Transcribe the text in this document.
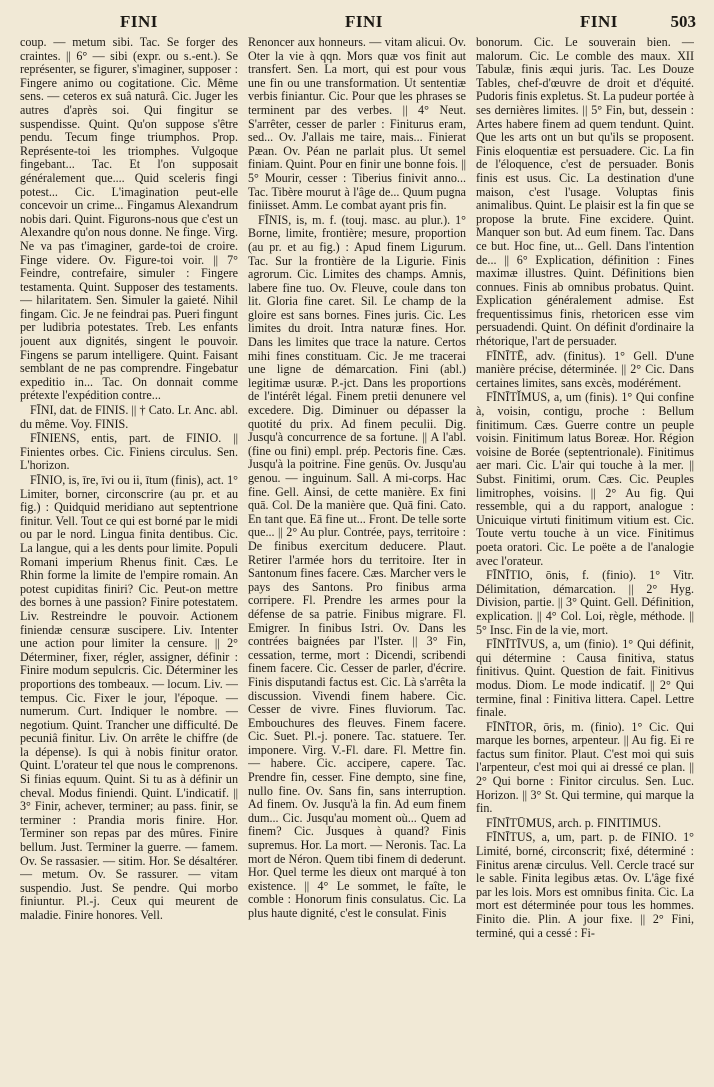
FINI	FINI	FINI	503

coup. — metum sibi. Tac. Se forger des craintes. || 6° — sibi (expr. ou s.-ent.). Se représenter, se figurer, s'imaginer, supposer : Fingere animo ou cogitatione. Cic. Même sens. — ceteros ex suâ naturâ. Cic. Juger les autres d'après soi. Qui fingitur se suspendisse. Quint. Qu'on suppose s'être pendu. Tecum finge triumphos. Prop. Représente-toi les triomphes. Vulgoque fingebant... Tac. Et l'on supposait généralement que.... Quid sceleris fingi potest... Cic. L'imagination peut-elle concevoir un crime... Fingamus Alexandrum nobis dari. Quint. Figurons-nous que c'est un Alexandre qu'on nous donne. Ne finge. Virg. Ne va pas t'imaginer, garde-toi de croire. Finge videre. Ov. Figure-toi voir. || 7° Feindre, contrefaire, simuler : Fingere testamenta. Quint. Supposer des testaments. — hilaritatem. Sen. Simuler la gaieté. Nihil fingam. Cic. Je ne feindrai pas. Pueri fingunt per ludibria potestates. Treb. Les enfants jouent aux dignités, singent le pouvoir. Fingens se parum intelligere. Quint. Faisant semblant de ne pas comprendre. Fingebatur expeditio in... Tac. On donnait comme prétexte l'expédition contre...

FĪNI, dat. de FINIS. || † Cato. Lr. Anc. abl. du même. Voy. FINIS.

FĪNIENS, entis, part. de FINIO. || Finientes orbes. Cic. Finiens circulus. Sen. L'horizon.

FĪNIO, is, īre, īvi ou ii, ītum (finis), act. 1° Limiter, borner, circonscrire (au pr. et au fig.) : Quidquid meridiano aut septentrione finitur. Vell. Tout ce qui est borné par le midi ou par le nord. Lingua finita dentibus. Cic. La langue, qui a les dents pour limite. Populi Romani imperium Rhenus finit. Cæs. Le Rhin forme la limite de l'empire romain. An potest cupiditas finiri? Cic. Peut-on mettre des bornes à une passion? Finire potestatem. Liv. Restreindre le pouvoir. Actionem finiendæ censuræ suscipere. Liv. Intenter une action pour limiter la censure. || 2° Déterminer, fixer, régler, assigner, définir : Finire modum sepulcris. Cic. Déterminer les proportions des tombeaux. — locum. Liv. — tempus. Cic. Fixer le jour, l'époque. — numerum. Curt. Indiquer le nombre. — negotium. Quint. Trancher une difficulté. De pecuniâ finitur. Liv. On arrête le chiffre (de la dépense). Is qui à nobis finitur orator. Quint. L'orateur tel que nous le comprenons. Si finias equum. Quint. Si tu as à définir un cheval. Modus finiendi. Quint. L'indicatif. || 3° Finir, achever, terminer; au pass. finir, se terminer : Prandia moris finire. Hor. Terminer son repas par des mûres. Finire bellum. Just. Terminer la guerre. — famem. Ov. Se rassasier. — sitim. Hor. Se désaltérer. — metum. Ov. Se rassurer. — vitam suspendio. Just. Se pendre. Qui morbo finiuntur. Pl.-j. Ceux qui meurent de maladie. Finire honores. Vell.

Renoncer aux honneurs. — vitam alicui. Ov. Oter la vie à qqn. Mors quæ vos finit aut transfert. Sen. La mort, qui est pour vous une fin ou une transformation. Ut sententiæ verbis finiantur. Cic. Pour que les phrases se terminent par des verbes. || 4° Neut. S'arrêter, cesser de parler : Finiturus eram, sed... Ov. J'allais me taire, mais... Finierat Pæan. Ov. Péan ne parlait plus. Ut semel finiam. Quint. Pour en finir une bonne fois. || 5° Mourir, cesser : Tiberius finivit anno... Tac. Tibère mourut à l'âge de... Quum pugna finiisset. Amm. Le combat ayant pris fin.

FĪNIS, is, m. f. (touj. masc. au plur.). 1° Borne, limite, frontière; mesure, proportion (au pr. et au fig.) : Apud finem Ligurum. Tac. Sur la frontière de la Ligurie. Finis agrorum. Cic. Limites des champs. Amnis, labere fine tuo. Ov. Fleuve, coule dans ton lit. Gloria fine caret. Sil. Le champ de la gloire est sans bornes. Fines juris. Cic. Les limites du droit. Intra naturæ fines. Hor. Dans les limites que trace la nature. Certos mihi fines constituam. Cic. Je me tracerai une ligne de démarcation. Fini (abl.) legitimæ usuræ. P.-jct. Dans les proportions de l'intérêt légal. Finem pretii denunere vel excedere. Dig. Diminuer ou dépasser la quotité du prix. Ad finem peculii. Dig. Jusqu'à concurrence de sa fortune. || A l'abl. (fine ou fini) empl. prép. Pectoris fine. Cæs. Jusqu'à la poitrine. Fine genūs. Ov. Jusqu'au genou. — inguinum. Sall. A mi-corps. Hac fine. Gell. Ainsi, de cette manière. Ex fini quā. Col. De la manière que. Quā fini. Cato. En tant que. Eā fine ut... Front. De telle sorte que... || 2° Au plur. Contrée, pays, territoire : De finibus exercitum deducere. Plaut. Retirer l'armée hors du territoire. Iter in Santonum fines facere. Cæs. Marcher vers le pays des Santons. Pro finibus arma corripere. Fl. Prendre les armes pour la défense de sa patrie. Finibus migrare. Fl. Emigrer. In finibus Istri. Ov. Dans les contrées baignées par l'Ister. || 3° Fin, cessation, terme, mort : Dicendi, scribendi finem facere. Cic. Cesser de parler, d'écrire. Finis disputandi factus est. Cic. Là s'arrêta la discussion. Vivendi finem habere. Cic. Cesser de vivre. Fines fluviorum. Tac. Embouchures des fleuves. Finem facere. Cic. Suet. Pl.-j. ponere. Tac. statuere. Ter. imponere. Virg. V.-Fl. dare. Fl. Mettre fin. — habere. Cic. accipere, capere. Tac. Prendre fin, cesser. Fine dempto, sine fine, nullo fine. Ov. Sans fin, sans interruption. Ad finem. Ov. Jusqu'à la fin. Ad eum finem dum... Cic. Jusqu'au moment où... Quem ad finem? Cic. Jusques à quand? Finis supremus. Hor. La mort. — Neronis. Tac. La mort de Néron. Quem tibi finem di dederunt. Hor. Quel terme les dieux ont marqué à ton existence. || 4° Le sommet, le faîte, le comble : Honorum finis consulatus. Cic. La plus haute dignité, c'est le consulat. Finis

bonorum. Cic. Le souverain bien. — malorum. Cic. Le comble des maux. XII Tabulæ, finis æqui juris. Tac. Les Douze Tables, chef-d'œuvre de droit et d'équité. Pudoris finis expletus. St. La pudeur portée à ses dernières limites. || 5° Fin, but, dessein : Artes habere finem ad quem tendunt. Quint. Que les arts ont un but qu'ils se proposent. Finis eloquentiæ est persuadere. Cic. La fin de l'éloquence, c'est de persuader. Bonis finis est usus. Cic. La destination d'une maison, c'est l'usage. Voluptas finis animalibus. Quint. Le plaisir est la fin que se propose la brute. Fine excidere. Quint. Manquer son but. Ad eum finem. Tac. Dans ce but. Hoc fine, ut... Gell. Dans l'intention de... || 6° Explication, définition : Fines maximæ illustres. Quint. Définitions bien connues. Finis ab omnibus probatus. Quint. Explication généralement admise. Est frequentissimus finis, rhetoricen esse vim persuadendi. Quint. On définit d'ordinaire la rhétorique, l'art de persuader.

FĪNĪTĒ, adv. (finitus). 1° Gell. D'une manière précise, déterminée. || 2° Cic. Dans certaines limites, sans excès, modérément.

FĪNĪTĬMUS, a, um (finis). 1° Qui confine à, voisin, contigu, proche : Bellum finitimum. Cæs. Guerre contre un peuple voisin. Finitimum latus Boreæ. Hor. Région voisine de Borée (septentrionale). Finitimus aer mari. Cic. L'air qui touche à la mer. || Subst. Finitimi, orum. Cæs. Cic. Peuples limitrophes, voisins. || 2° Au fig. Qui ressemble, qui a du rapport, analogue : Unicuique virtuti finitimum vitium est. Cic. Toute vertu touche à un vice. Finitimus poeta oratori. Cic. Le poëte a de l'analogie avec l'orateur.

FĪNĪTIO, ōnis, f. (finio). 1° Vitr. Délimitation, démarcation. || 2° Hyg. Division, partie. || 3° Quint. Gell. Définition, explication. || 4° Col. Loi, règle, méthode. || 5° Insc. Fin de la vie, mort.

FĪNĪTĪVUS, a, um (finio). 1° Qui définit, qui détermine : Causa finitiva, status finitivus. Quint. Question de fait. Finitivus modus. Diom. Le mode indicatif. || 2° Qui termine, final : Finitiva littera. Capel. Lettre finale.

FĪNĪTOR, ōris, m. (finio). 1° Cic. Qui marque les bornes, arpenteur. || Au fig. Ei re factus sum finitor. Plaut. C'est moi qui suis l'arpenteur, c'est moi qui ai dressé ce plan. || 2° Qui borne : Finitor circulus. Sen. Luc. Horizon. || 3° St. Qui termine, qui marque la fin.

FĪNĪTŪMUS, arch. p. FINITIMUS.

FĪNĪTUS, a, um, part. p. de FINIO. 1° Limité, borné, circonscrit; fixé, déterminé : Finitus arenæ circulus. Vell. Cercle tracé sur le sable. Finita legibus ætas. Ov. L'âge fixé par les lois. Mors est omnibus finita. Cic. La mort est déterminée pour tous les hommes. Finito die. Plin. A jour fixe. || 2° Fini, terminé, qui a cessé : Fi-
